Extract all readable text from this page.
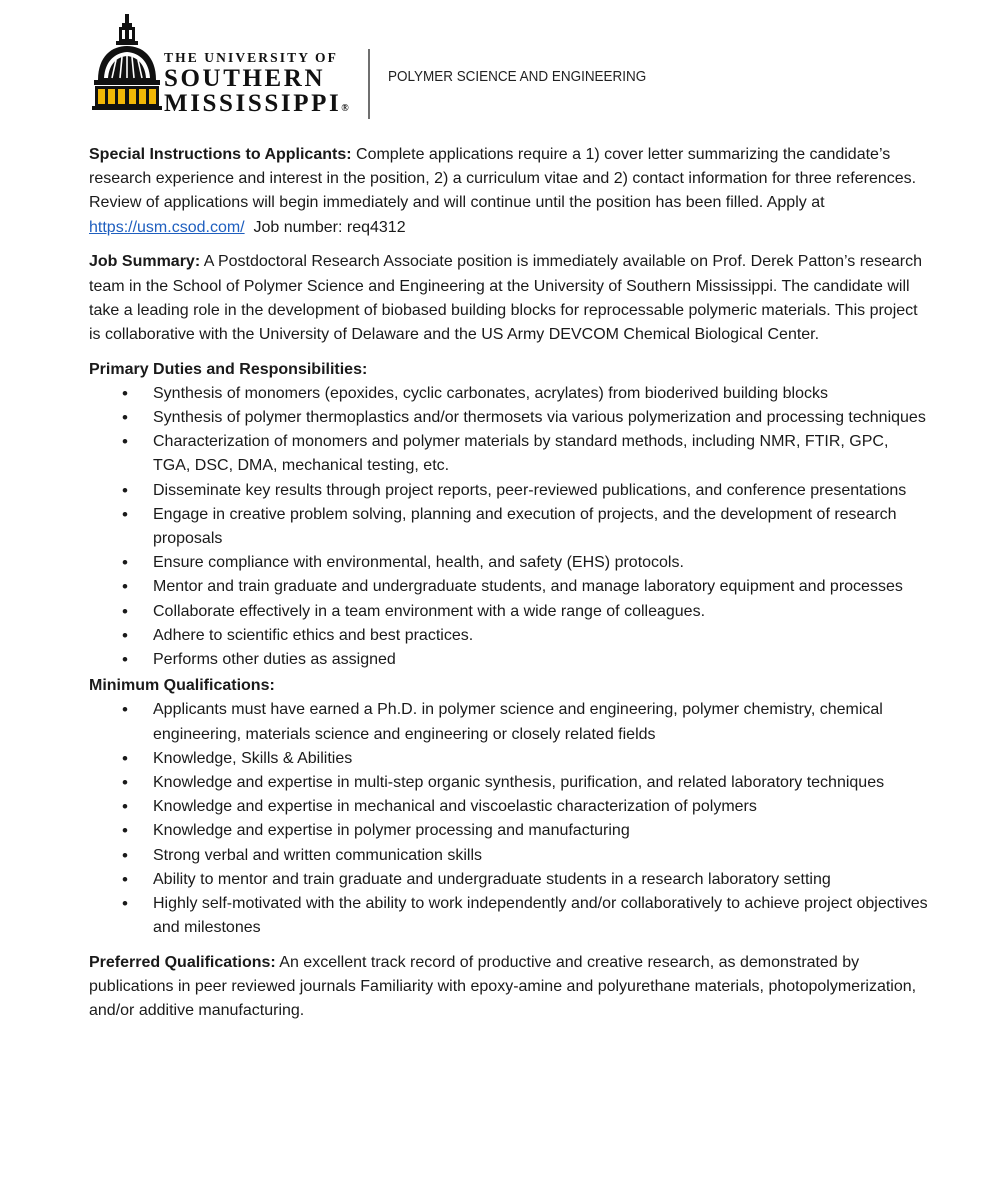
THE UNIVERSITY OF
SOUTHERN
MISSISSIPPI®
POLYMER SCIENCE AND ENGINEERING

Special Instructions to Applicants: Complete applications require a 1) cover letter summarizing the candidate’s research experience and interest in the position, 2) a curriculum vitae and 2) contact information for three references. Review of applications will begin immediately and will continue until the position has been filled. Apply at https://usm.csod.com/  Job number: req4312

Job Summary: A Postdoctoral Research Associate position is immediately available on Prof. Derek Patton’s research team in the School of Polymer Science and Engineering at the University of Southern Mississippi. The candidate will take a leading role in the development of biobased building blocks for reprocessable polymeric materials. This project is collaborative with the University of Delaware and the US Army DEVCOM Chemical Biological Center.

Primary Duties and Responsibilities:
• Synthesis of monomers (epoxides, cyclic carbonates, acrylates) from bioderived building blocks
• Synthesis of polymer thermoplastics and/or thermosets via various polymerization and processing techniques
• Characterization of monomers and polymer materials by standard methods, including NMR, FTIR, GPC, TGA, DSC, DMA, mechanical testing, etc.
• Disseminate key results through project reports, peer-reviewed publications, and conference presentations
• Engage in creative problem solving, planning and execution of projects, and the development of research proposals
• Ensure compliance with environmental, health, and safety (EHS) protocols.
• Mentor and train graduate and undergraduate students, and manage laboratory equipment and processes
• Collaborate effectively in a team environment with a wide range of colleagues.
• Adhere to scientific ethics and best practices.
• Performs other duties as assigned
Minimum Qualifications:
• Applicants must have earned a Ph.D. in polymer science and engineering, polymer chemistry, chemical engineering, materials science and engineering or closely related fields
• Knowledge, Skills & Abilities
• Knowledge and expertise in multi-step organic synthesis, purification, and related laboratory techniques
• Knowledge and expertise in mechanical and viscoelastic characterization of polymers
• Knowledge and expertise in polymer processing and manufacturing
• Strong verbal and written communication skills
• Ability to mentor and train graduate and undergraduate students in a research laboratory setting
• Highly self-motivated with the ability to work independently and/or collaboratively to achieve project objectives and milestones

Preferred Qualifications: An excellent track record of productive and creative research, as demonstrated by publications in peer reviewed journals Familiarity with epoxy-amine and polyurethane materials, photopolymerization, and/or additive manufacturing.
